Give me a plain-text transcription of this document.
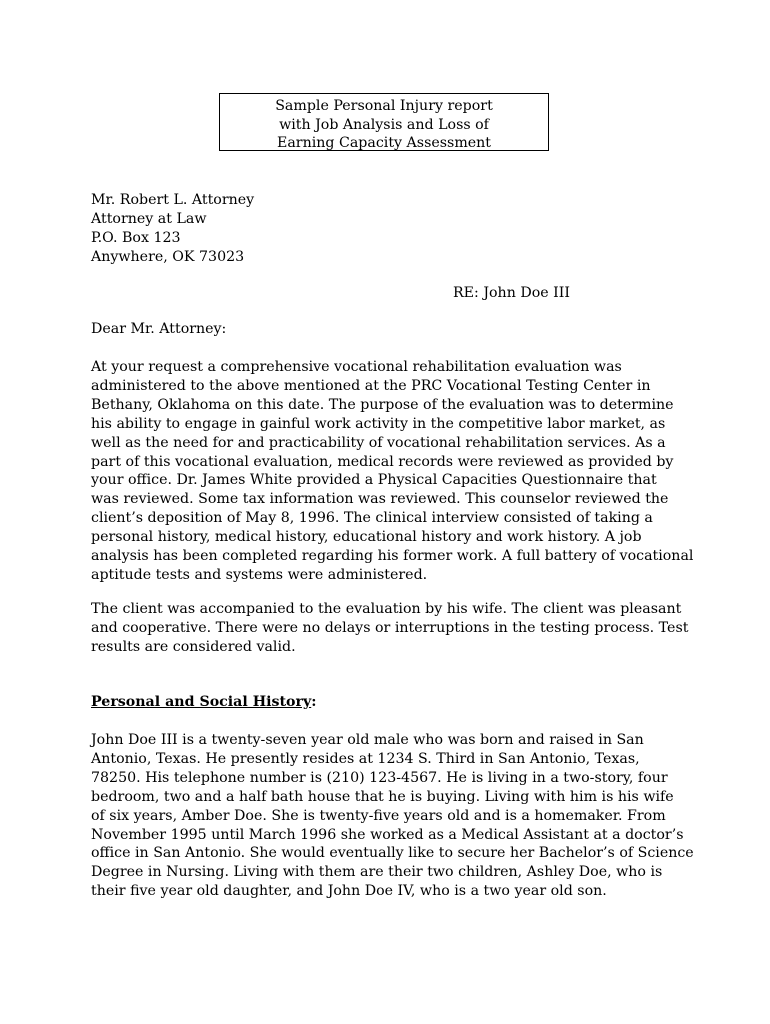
Sample Personal Injury report
with Job Analysis and Loss of
Earning Capacity Assessment
Mr. Robert L. Attorney
Attorney at Law
P.O. Box 123
Anywhere, OK 73023
RE: John Doe III
Dear Mr. Attorney:
At your request a comprehensive vocational rehabilitation evaluation was
administered to the above mentioned at the PRC Vocational Testing Center in
Bethany, Oklahoma on this date. The purpose of the evaluation was to determine
his ability to engage in gainful work activity in the competitive labor market, as
well as the need for and practicability of vocational rehabilitation services. As a
part of this vocational evaluation, medical records were reviewed as provided by
your office. Dr. James White provided a Physical Capacities Questionnaire that
was reviewed. Some tax information was reviewed. This counselor reviewed the
client’s deposition of May 8, 1996. The clinical interview consisted of taking a
personal history, medical history, educational history and work history. A job
analysis has been completed regarding his former work. A full battery of vocational
aptitude tests and systems were administered.
The client was accompanied to the evaluation by his wife. The client was pleasant
and cooperative. There were no delays or interruptions in the testing process. Test
results are considered valid.
Personal and Social History:
John Doe III is a twenty-seven year old male who was born and raised in San
Antonio, Texas. He presently resides at 1234 S. Third in San Antonio, Texas,
78250. His telephone number is (210) 123-4567. He is living in a two-story, four
bedroom, two and a half bath house that he is buying. Living with him is his wife
of six years, Amber Doe. She is twenty-five years old and is a homemaker. From
November 1995 until March 1996 she worked as a Medical Assistant at a doctor’s
office in San Antonio. She would eventually like to secure her Bachelor’s of Science
Degree in Nursing. Living with them are their two children, Ashley Doe, who is
their five year old daughter, and John Doe IV, who is a two year old son.
